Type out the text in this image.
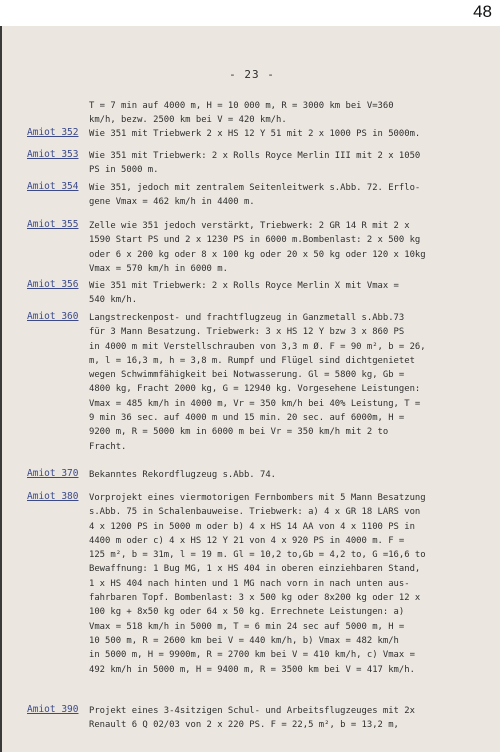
48
- 23 -
T = 7 min auf 4000 m, H = 10 000 m, R = 3000 km bei V=360
km/h, bezw. 2500 km bei V = 420 km/h.
Amiot 352 Wie 351 mit Triebwerk 2 x HS 12 Y 51 mit 2 x 1000 PS in 5000m.
Amiot 353 Wie 351 mit Triebwerk: 2 x Rolls Royce Merlin III mit 2 x 1050
PS in 5000 m.
Amiot 354 Wie 351, jedoch mit zentralem Seitenleitwerk s.Abb. 72. Erflo-
gene Vmax = 462 km/h in 4400 m.
Amiot 355 Zelle wie 351 jedoch verstärkt, Triebwerk: 2 GR 14 R mit 2 x
1590 Start PS und 2 x 1230 PS in 6000 m.Bombenlast: 2 x 500 kg
oder 6 x 200 kg oder 8 x 100 kg oder 20 x 50 kg oder 120 x 10kg
Vmax = 570 km/h in 6000 m.
Amiot 356 Wie 351 mit Triebwerk: 2 x Rolls Royce Merlin X mit Vmax =
540 km/h.
Amiot 360 Langstreckenpost- und frachtflugzeug in Ganzmetall s.Abb.73
für 3 Mann Besatzung. Triebwerk: 3 x HS 12 Y bzw 3 x 860 PS
in 4000 m mit Verstellschrauben von 3,3 m Ø. F = 90 m², b = 26,
m, l = 16,3 m, h = 3,8 m. Rumpf und Flügel sind dichtgenietet
wegen Schwimmfähigkeit bei Notwasserung. Gl = 5800 kg, Gb =
4800 kg, Fracht 2000 kg, G = 12940 kg. Vorgesehene Leistungen:
Vmax = 485 km/h in 4000 m, Vr = 350 km/h bei 40% Leistung, T =
9 min 36 sec. auf 4000 m und 15 min. 20 sec. auf 6000m, H =
9200 m, R = 5000 km in 6000 m bei Vr = 350 km/h mit 2 to
Fracht.
Amiot 370 Bekanntes Rekordflugzeug s.Abb. 74.
Amiot 380 Vorprojekt eines viermotorigen Fernbombers mit 5 Mann Besatzung
s.Abb. 75 in Schalenbauweise. Triebwerk: a) 4 x GR 18 LARS von
4 x 1200 PS in 5000 m oder b) 4 x HS 14 AA von 4 x 1100 PS in
4400 m oder c) 4 x HS 12 Y 21 von 4 x 920 PS in 4000 m. F =
125 m², b = 31m, l = 19 m. Gl = 10,2 to,Gb = 4,2 to, G =16,6 to
Bewaffnung: 1 Bug MG, 1 x HS 404 in oberen einziehbaren Stand,
1 x HS 404 nach hinten und 1 MG nach vorn in nach unten aus-
fahrbaren Topf. Bombenlast: 3 x 500 kg oder 8x200 kg oder 12 x
100 kg + 8x50 kg oder 64 x 50 kg. Errechnete Leistungen: a)
Vmax = 518 km/h in 5000 m, T = 6 min 24 sec auf 5000 m, H =
10 500 m, R = 2600 km bei V = 440 km/h, b) Vmax = 482 km/h
in 5000 m, H = 9900m, R = 2700 km bei V = 410 km/h, c) Vmax =
492 km/h in 5000 m, H = 9400 m, R = 3500 km bei V = 417 km/h.
Amiot 390 Projekt eines 3-4sitzigen Schul- und Arbeitsflugzeuges mit 2x
Renault 6 Q 02/03 von 2 x 220 PS. F = 22,5 m², b = 13,2 m,
